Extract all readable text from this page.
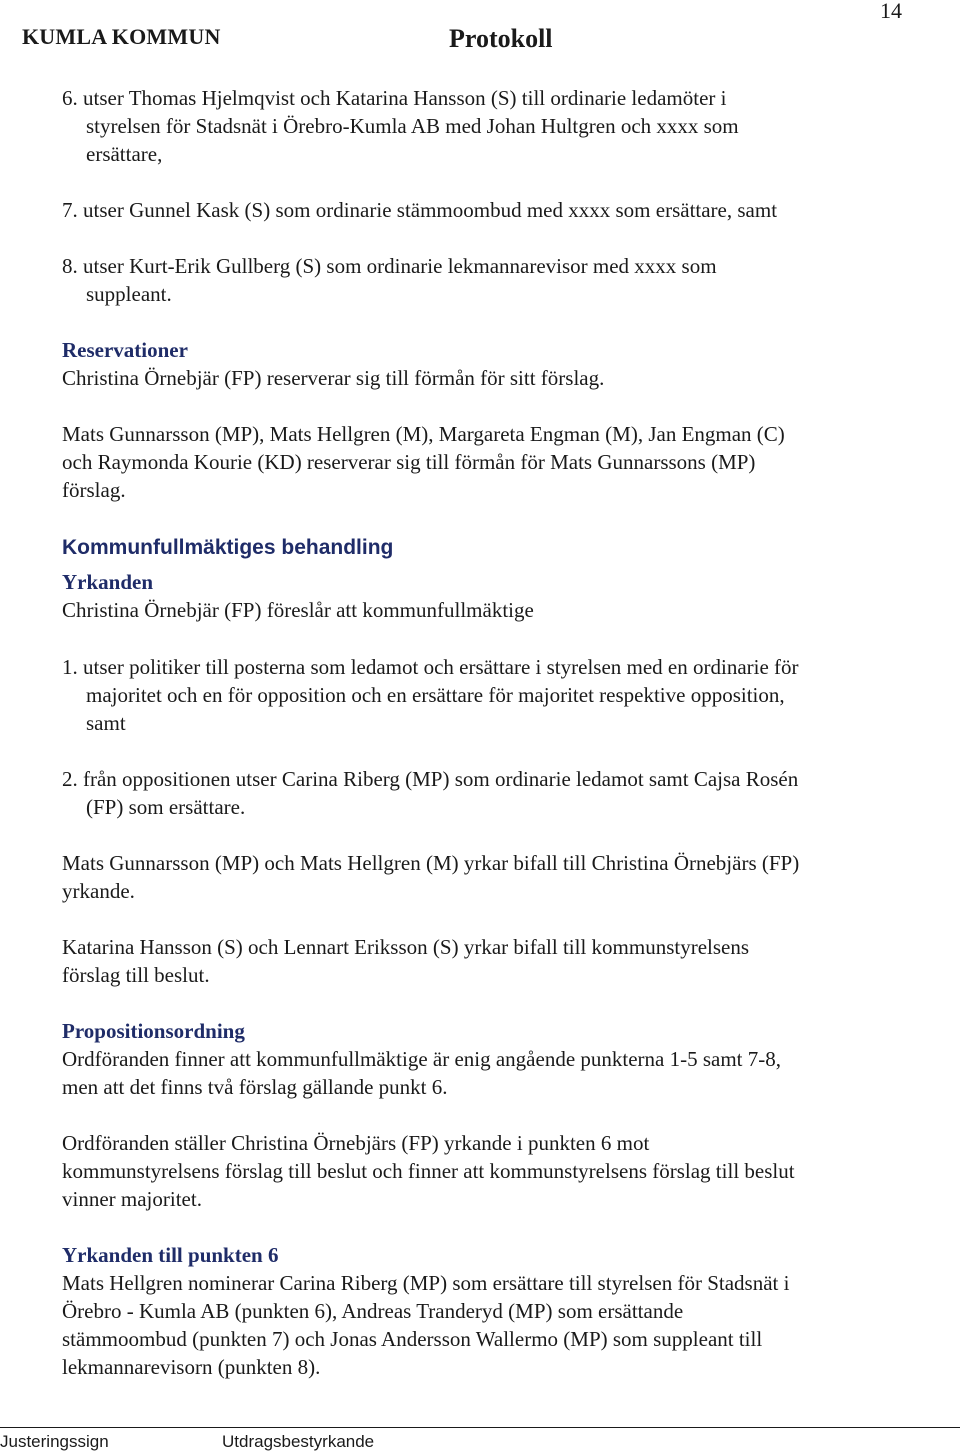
KUMLA KOMMUN	Protokoll
14
6. utser Thomas Hjelmqvist och Katarina Hansson (S) till ordinarie ledamöter i
styrelsen för Stadsnät i Örebro-Kumla AB med Johan Hultgren och xxxx som
ersättare,
7. utser Gunnel Kask (S) som ordinarie stämmoombud med xxxx som ersättare, samt
8. utser Kurt-Erik Gullberg (S) som ordinarie lekmannarevisor med xxxx som
suppleant.
Reservationer
Christina Örnebjär (FP) reserverar sig till förmån för sitt förslag.
Mats Gunnarsson (MP), Mats Hellgren (M), Margareta Engman (M), Jan Engman (C)
och Raymonda Kourie (KD) reserverar sig till förmån för Mats Gunnarssons (MP)
förslag.
Kommunfullmäktiges behandling
Yrkanden
Christina Örnebjär (FP) föreslår att kommunfullmäktige
1. utser politiker till posterna som ledamot och ersättare i styrelsen med en ordinarie för
majoritet och en för opposition och en ersättare för majoritet respektive opposition,
samt
2. från oppositionen utser Carina Riberg (MP) som ordinarie ledamot samt Cajsa Rosén
(FP) som ersättare.
Mats Gunnarsson (MP) och Mats Hellgren (M) yrkar bifall till Christina Örnebjärs (FP)
yrkande.
Katarina Hansson (S) och Lennart Eriksson (S) yrkar bifall till kommunstyrelsens
förslag till beslut.
Propositionsordning
Ordföranden finner att kommunfullmäktige är enig angående punkterna 1-5 samt 7-8,
men att det finns två förslag gällande punkt 6.
Ordföranden ställer Christina Örnebjärs (FP) yrkande i punkten 6 mot
kommunstyrelsens förslag till beslut och finner att kommunstyrelsens förslag till beslut
vinner majoritet.
Yrkanden till punkten 6
Mats Hellgren nominerar Carina Riberg (MP) som ersättare till styrelsen för Stadsnät i
Örebro - Kumla AB (punkten 6), Andreas Tranderyd (MP) som ersättande
stämmoombud (punkten 7) och Jonas Andersson Wallermo (MP) som suppleant till
lekmannarevisorn (punkten 8).
Justeringssign	Utdragsbestyrkande
